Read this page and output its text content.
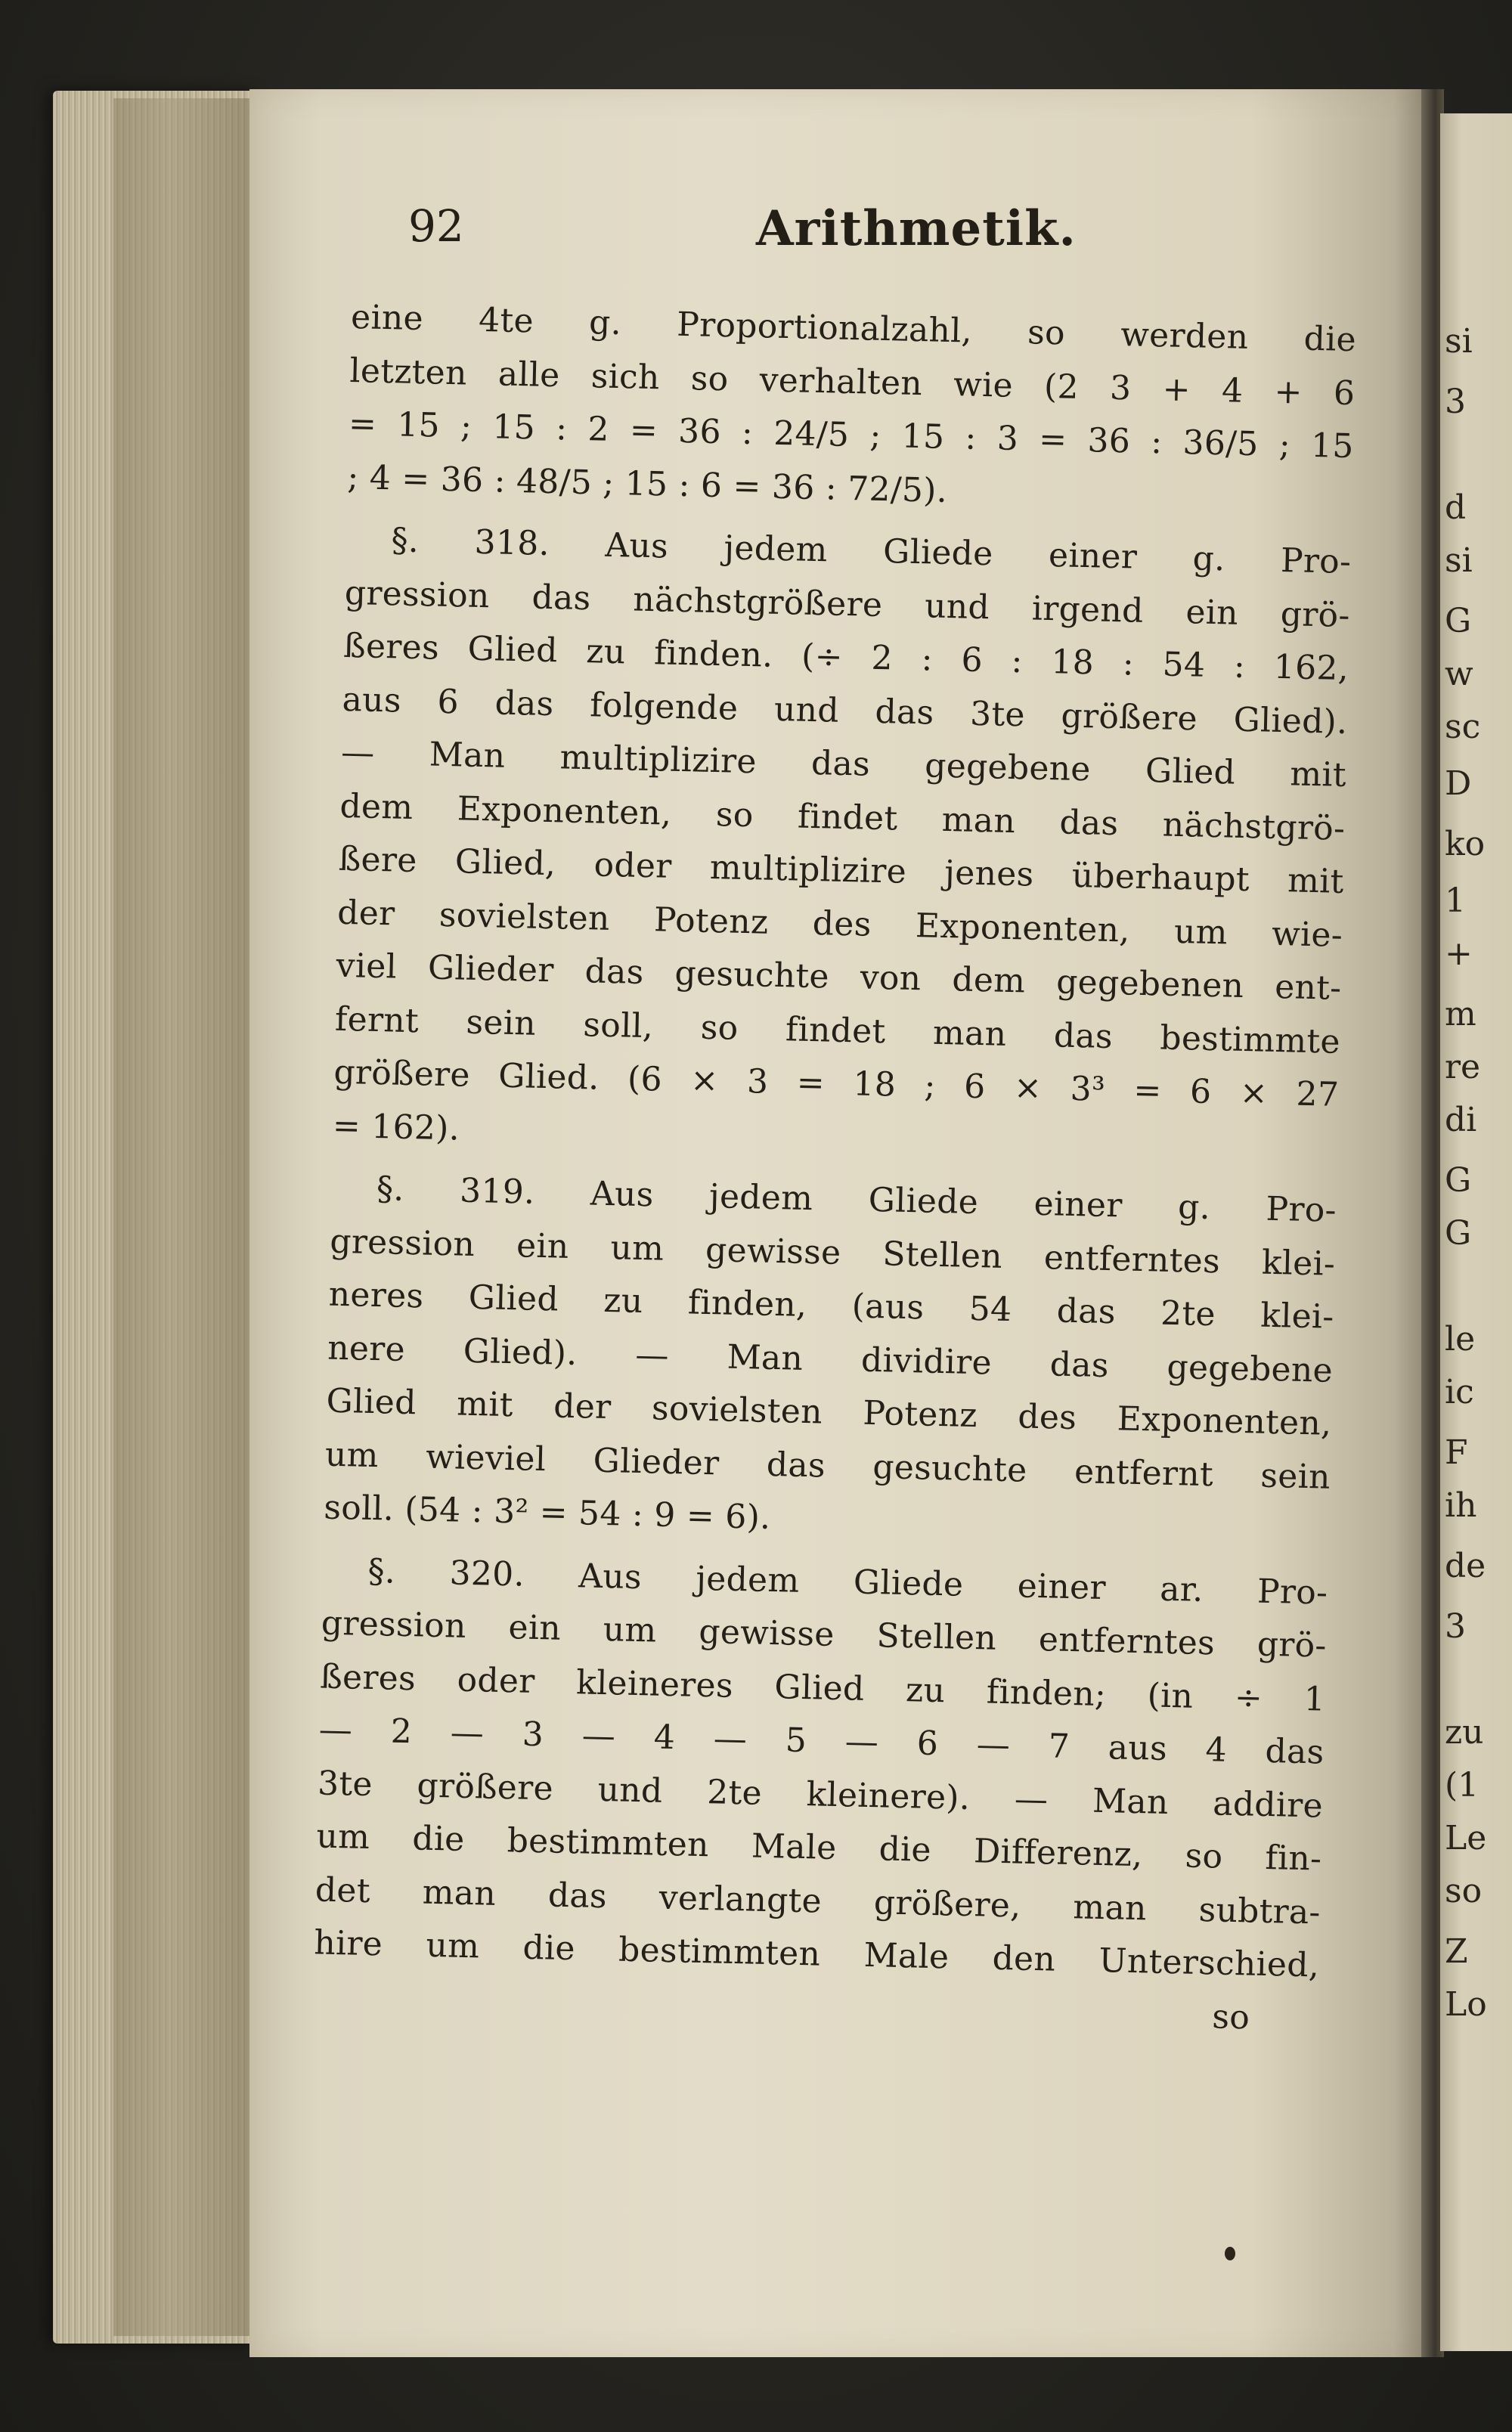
si
3
d
si
G
w
sc
D
ko
1
+
m
re
di
G
G
le
ic
F
ih
de
3
zu
(1
Le
so
Z
Lo
92	Arithmetik.
eine 4te g. Proportionalzahl, so werden die
letzten alle sich so verhalten wie (2 3 + 4 + 6
= 15 ; 15 : 2 = 36 : 24/5 ; 15 : 3 = 36 : 36/5 ; 15
; 4 = 36 : 48/5 ; 15 : 6 = 36 : 72/5).
§. 318. Aus jedem Gliede einer g. Pro-
gression das nächstgrößere und irgend ein grö-
ßeres Glied zu finden. (÷ 2 : 6 : 18 : 54 : 162,
aus 6 das folgende und das 3te größere Glied).
— Man multiplizire das gegebene Glied mit
dem Exponenten, so findet man das nächstgrö-
ßere Glied, oder multiplizire jenes überhaupt mit
der sovielsten Potenz des Exponenten, um wie-
viel Glieder das gesuchte von dem gegebenen ent-
fernt sein soll, so findet man das bestimmte
größere Glied. (6 × 3 = 18 ; 6 × 3³ = 6 × 27
= 162).
§. 319. Aus jedem Gliede einer g. Pro-
gression ein um gewisse Stellen entferntes klei-
neres Glied zu finden, (aus 54 das 2te klei-
nere Glied). — Man dividire das gegebene
Glied mit der sovielsten Potenz des Exponenten,
um wieviel Glieder das gesuchte entfernt sein
soll. (54 : 3² = 54 : 9 = 6).
§. 320. Aus jedem Gliede einer ar. Pro-
gression ein um gewisse Stellen entferntes grö-
ßeres oder kleineres Glied zu finden; (in ÷ 1
— 2 — 3 — 4 — 5 — 6 — 7 aus 4 das
3te größere und 2te kleinere). — Man addire
um die bestimmten Male die Differenz, so fin-
det man das verlangte größere, man subtra-
hire um die bestimmten Male den Unterschied,
so
